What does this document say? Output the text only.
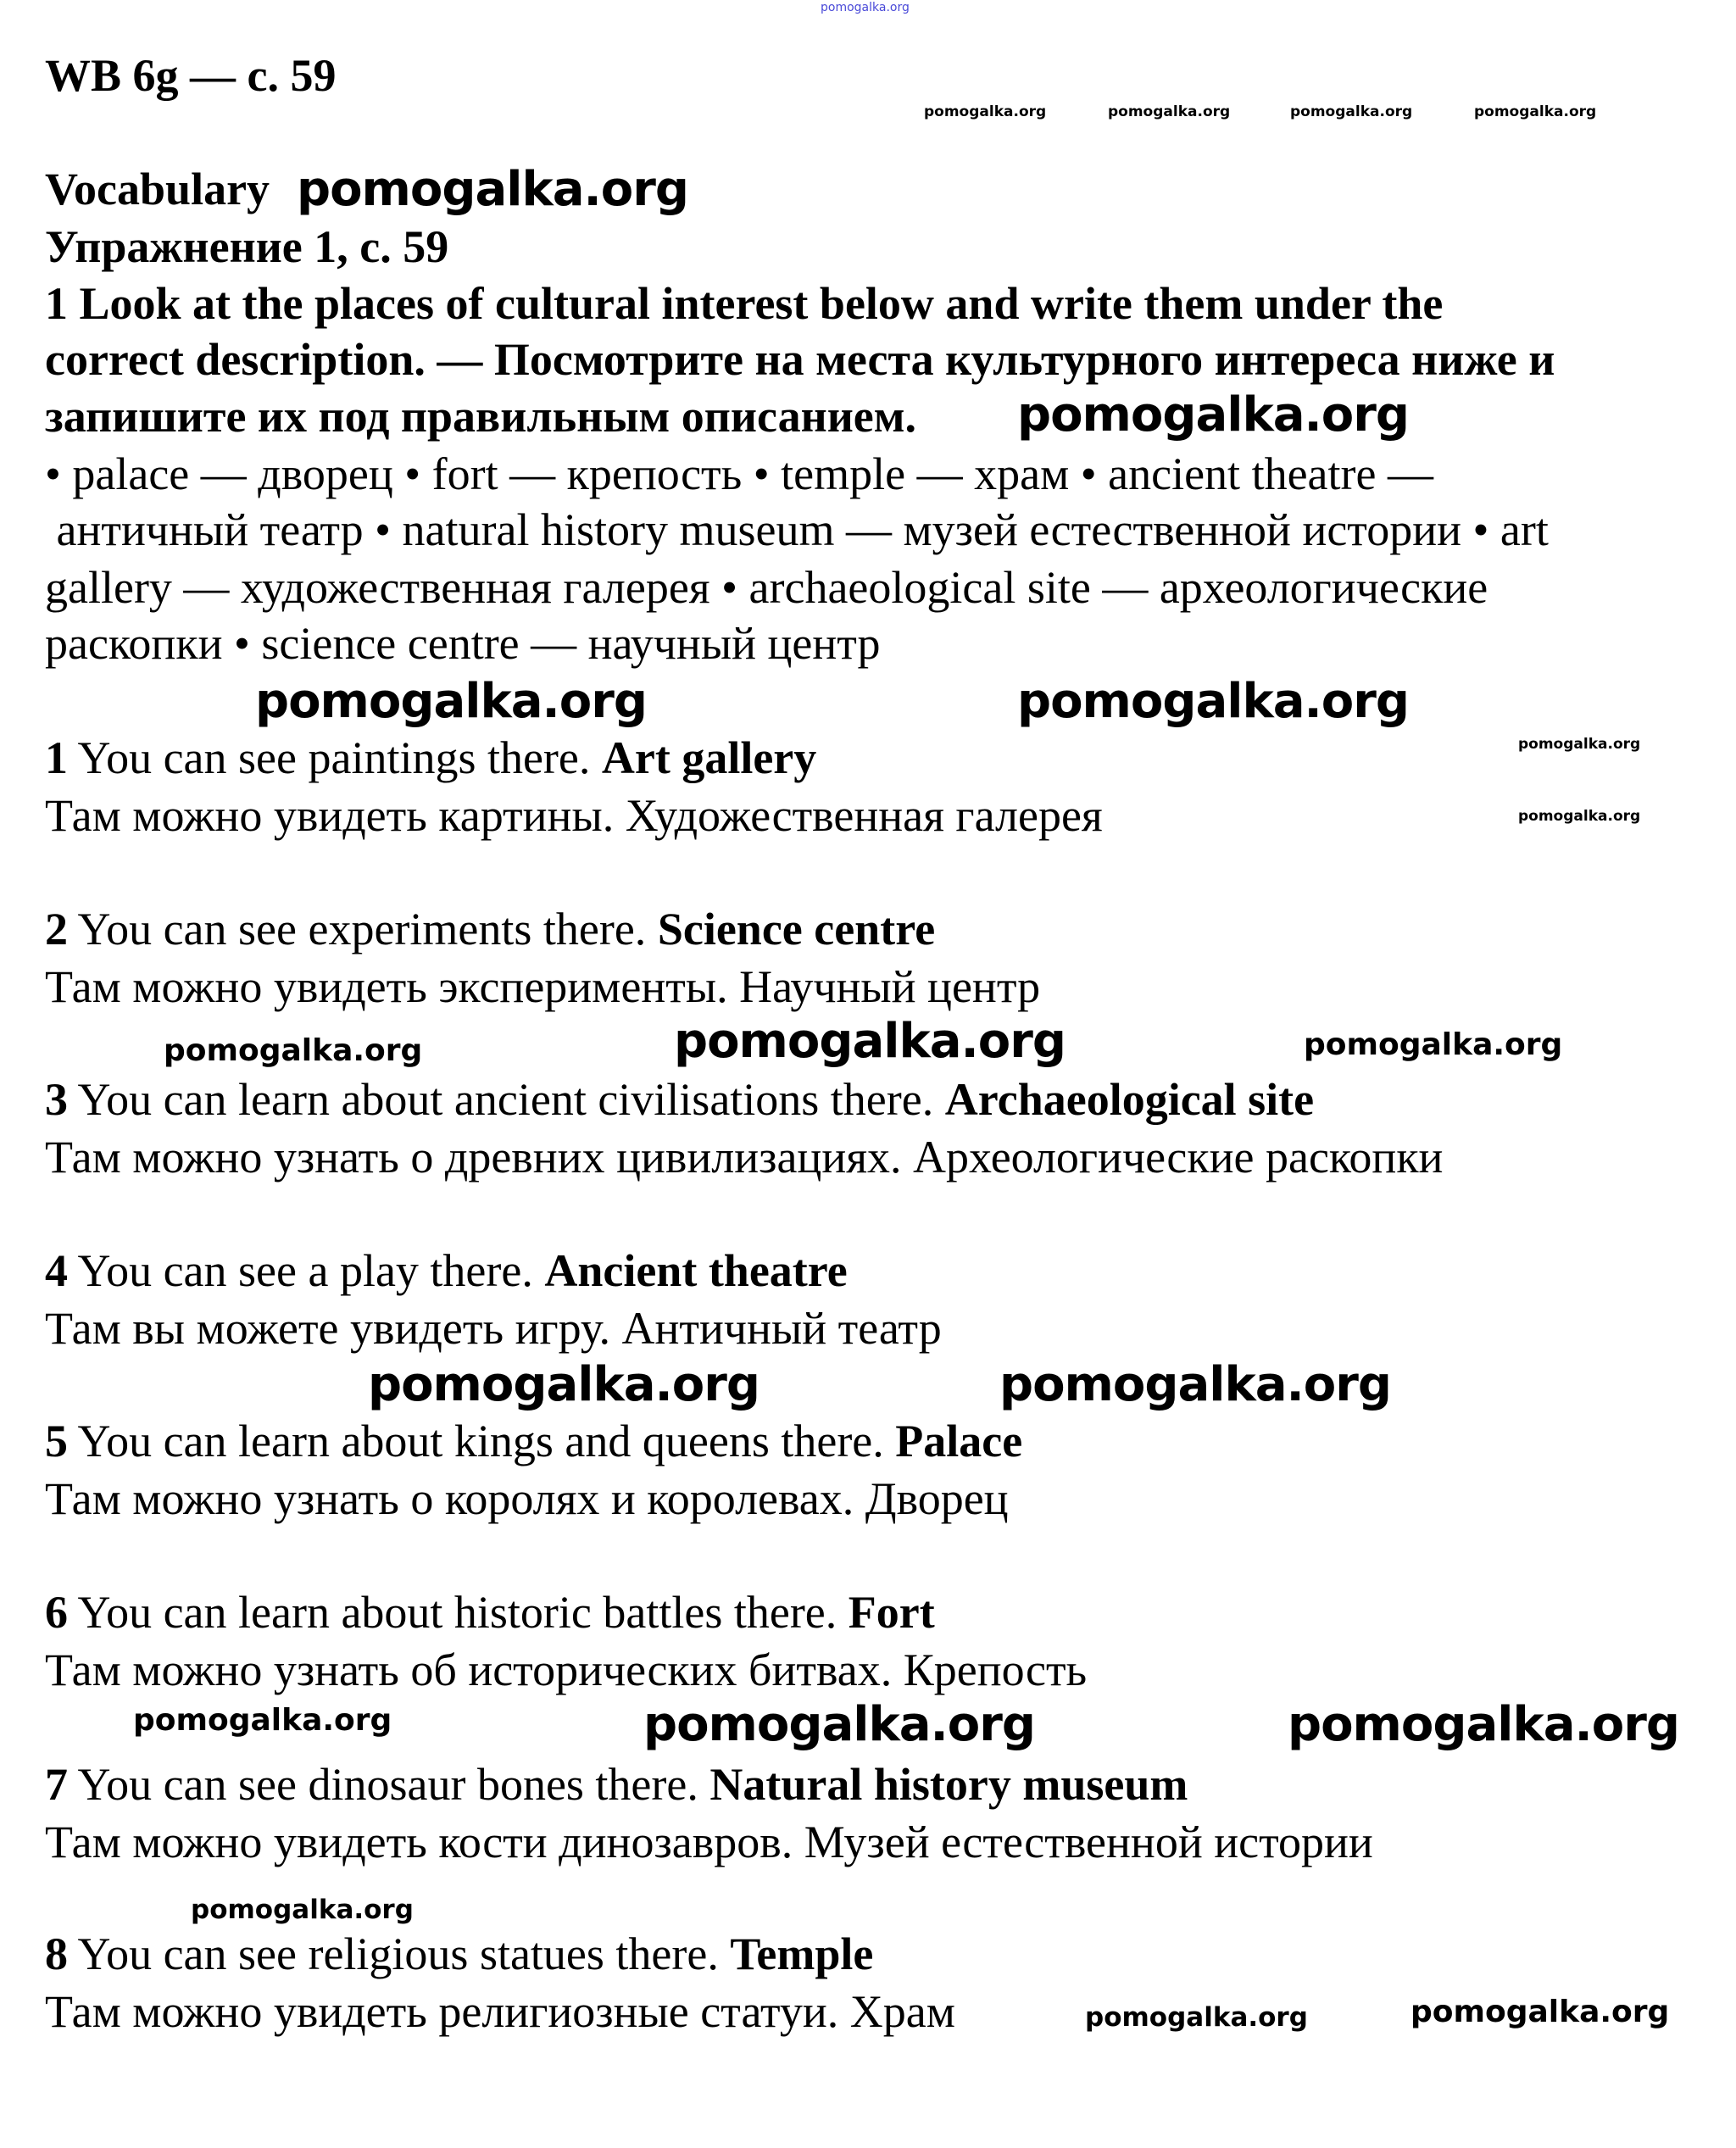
pomogalka.org
pomogalka.org	pomogalka.org	pomogalka.org	pomogalka.org
WB 6g — с. 59
Vocabulary pomogalka.org
Упражнение 1, с. 59
1 Look at the places of cultural interest below and write them under the
correct description. — Посмотрите на места культурного интереса ниже и
запишите их под правильным описанием. pomogalka.org
• palace — дворец • fort — крепость • temple — храм • ancient theatre —
античный театр • natural history museum — музей естественной истории • art
gallery — художественная галерея • archaeological site — археологические
раскопки • science centre — научный центр
pomogalka.org	pomogalka.org
pomogalka.org
pomogalka.org
pomogalka.org	pomogalka.org	pomogalka.org
pomogalka.org	pomogalka.org
pomogalka.org	pomogalka.org	pomogalka.org
pomogalka.org
pomogalka.org	pomogalka.org
1 You can see paintings there. Art gallery
Там можно увидеть картины. Художественная галерея
2 You can see experiments there. Science centre
Там можно увидеть эксперименты. Научный центр
3 You can learn about ancient civilisations there. Archaeological site
Там можно узнать о древних цивилизациях. Археологические раскопки
4 You can see a play there. Ancient theatre
Там вы можете увидеть игру. Античный театр
5 You can learn about kings and queens there. Palace
Там можно узнать о королях и королевах. Дворец
6 You can learn about historic battles there. Fort
Там можно узнать об исторических битвах. Крепость
7 You can see dinosaur bones there. Natural history museum
Там можно увидеть кости динозавров. Музей естественной истории
8 You can see religious statues there. Temple
Там можно увидеть религиозные статуи. Храм
